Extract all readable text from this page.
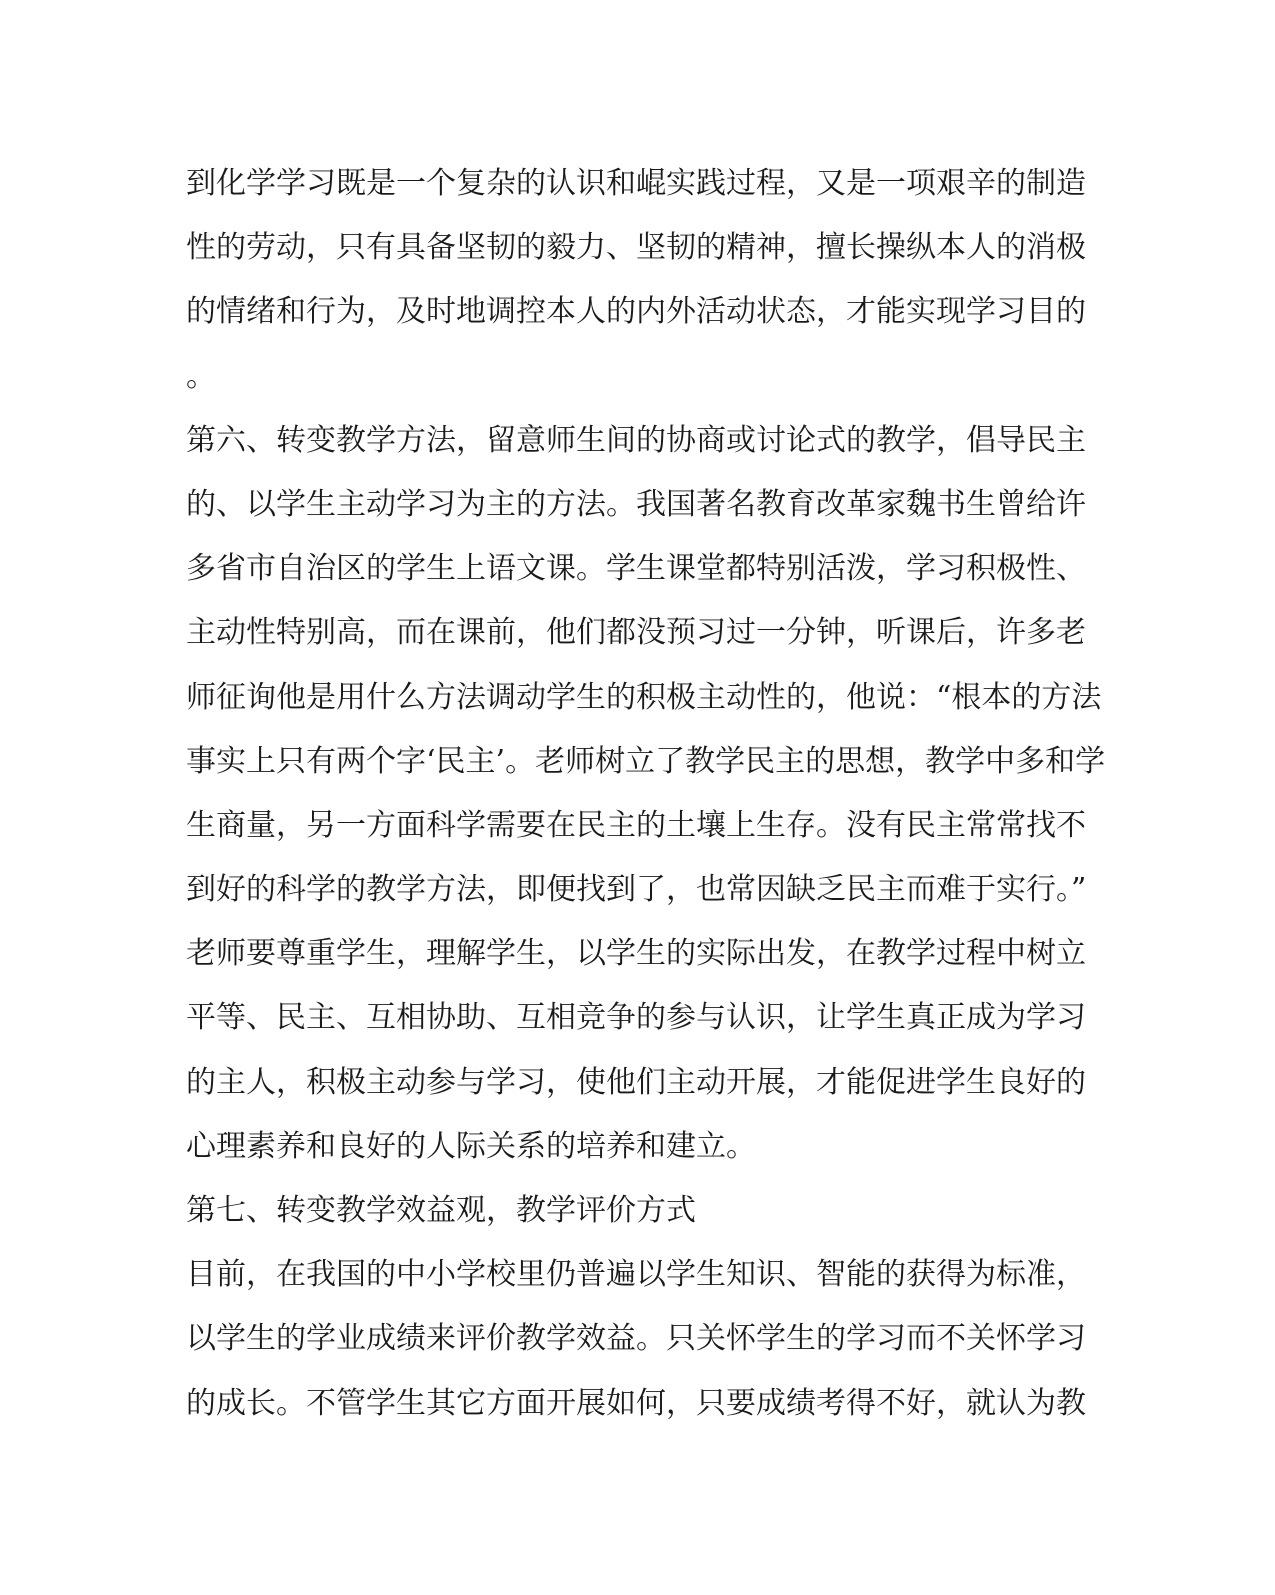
到化学学习既是一个复杂的认识和崐实践过程，又是一项艰辛的制造
性的劳动，只有具备坚韧的毅力、坚韧的精神，擅长操纵本人的消极
的情绪和行为，及时地调控本人的内外活动状态，才能实现学习目的
。
第六、转变教学方法，留意师生间的协商或讨论式的教学，倡导民主
的、以学生主动学习为主的方法。我国著名教育改革家魏书生曾给许
多省市自治区的学生上语文课。学生课堂都特别活泼，学习积极性、
主动性特别高，而在课前，他们都没预习过一分钟，听课后，许多老
师征询他是用什么方法调动学生的积极主动性的，他说：“根本的方法
事实上只有两个字‘民主’。老师树立了教学民主的思想，教学中多和学
生商量，另一方面科学需要在民主的土壤上生存。没有民主常常找不
到好的科学的教学方法，即便找到了，也常因缺乏民主而难于实行。”
老师要尊重学生，理解学生，以学生的实际出发，在教学过程中树立
平等、民主、互相协助、互相竞争的参与认识，让学生真正成为学习
的主人，积极主动参与学习，使他们主动开展，才能促进学生良好的
心理素养和良好的人际关系的培养和建立。
第七、转变教学效益观，教学评价方式
目前，在我国的中小学校里仍普遍以学生知识、智能的获得为标准，
以学生的学业成绩来评价教学效益。只关怀学生的学习而不关怀学习
的成长。不管学生其它方面开展如何，只要成绩考得不好，就认为教
